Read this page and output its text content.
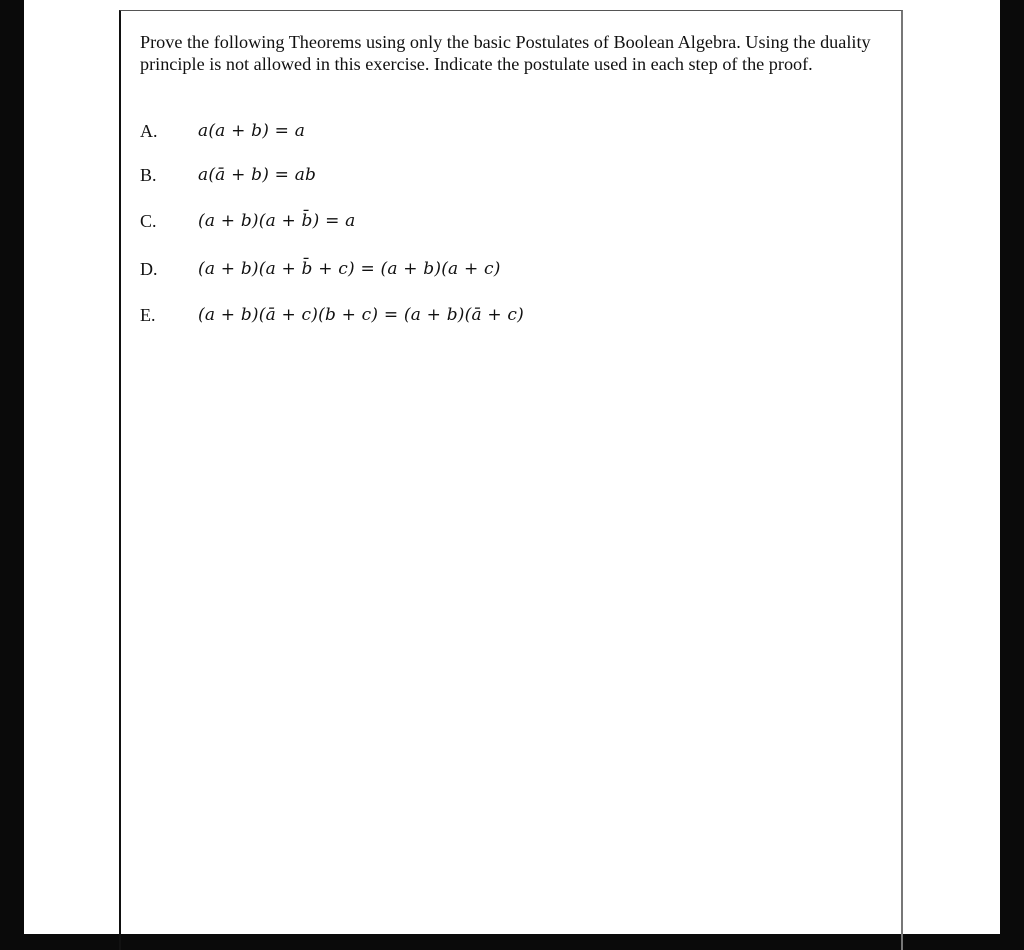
Prove the following Theorems using only the basic Postulates of Boolean Algebra. Using the duality principle is not allowed in this exercise. Indicate the postulate used in each step of the proof.
A.	a(a + b) = a
B.	a(ā + b) = ab
C.	(a + b)(a + b̄) = a
D.	(a + b)(a + b̄ + c) = (a + b)(a + c)
E.	(a + b)(ā + c)(b + c) = (a + b)(ā + c)
